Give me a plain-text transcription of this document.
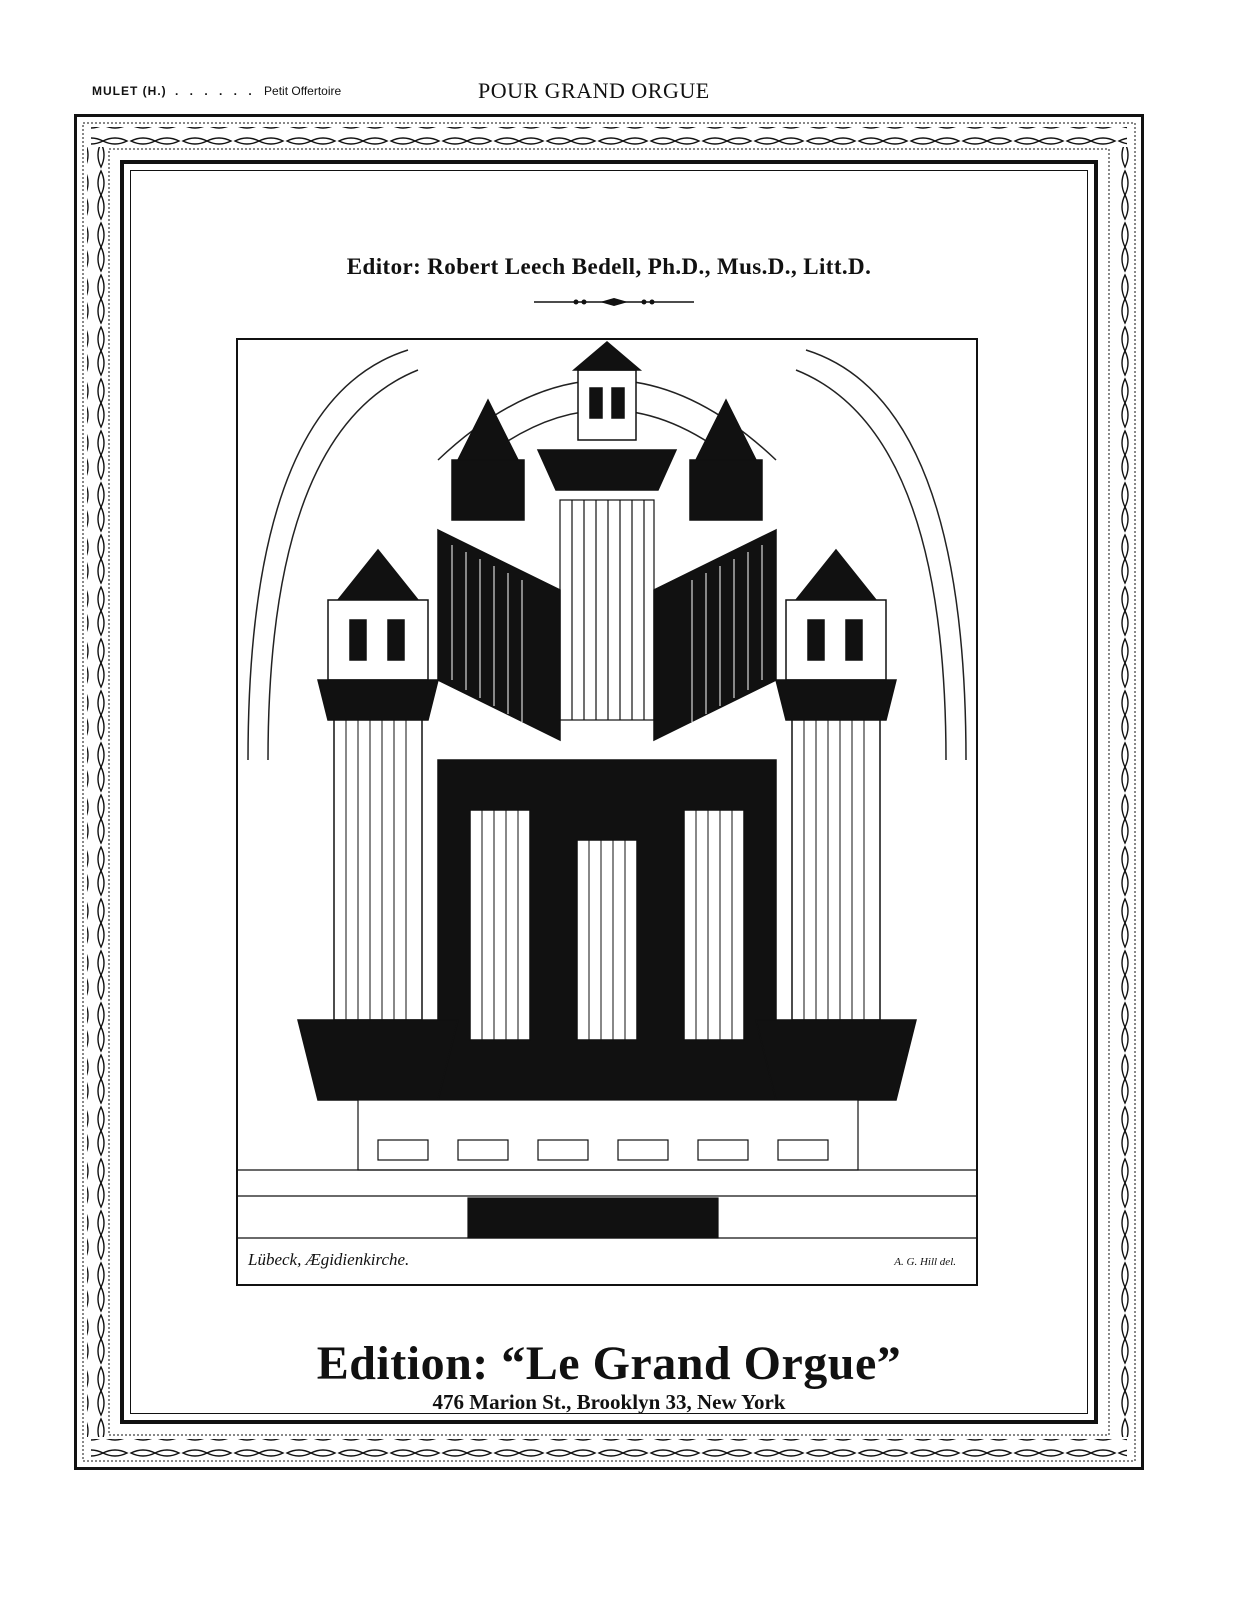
MULET (H.) . . . . . . Petit Offertoire	POUR GRAND ORGUE
Editor: Robert Leech Bedell, Ph.D., Mus.D., Litt.D.
Lübeck, Ægidienkirche.	A. G. Hill del.
Edition: “Le Grand Orgue”
476 Marion St., Brooklyn 33, New York
